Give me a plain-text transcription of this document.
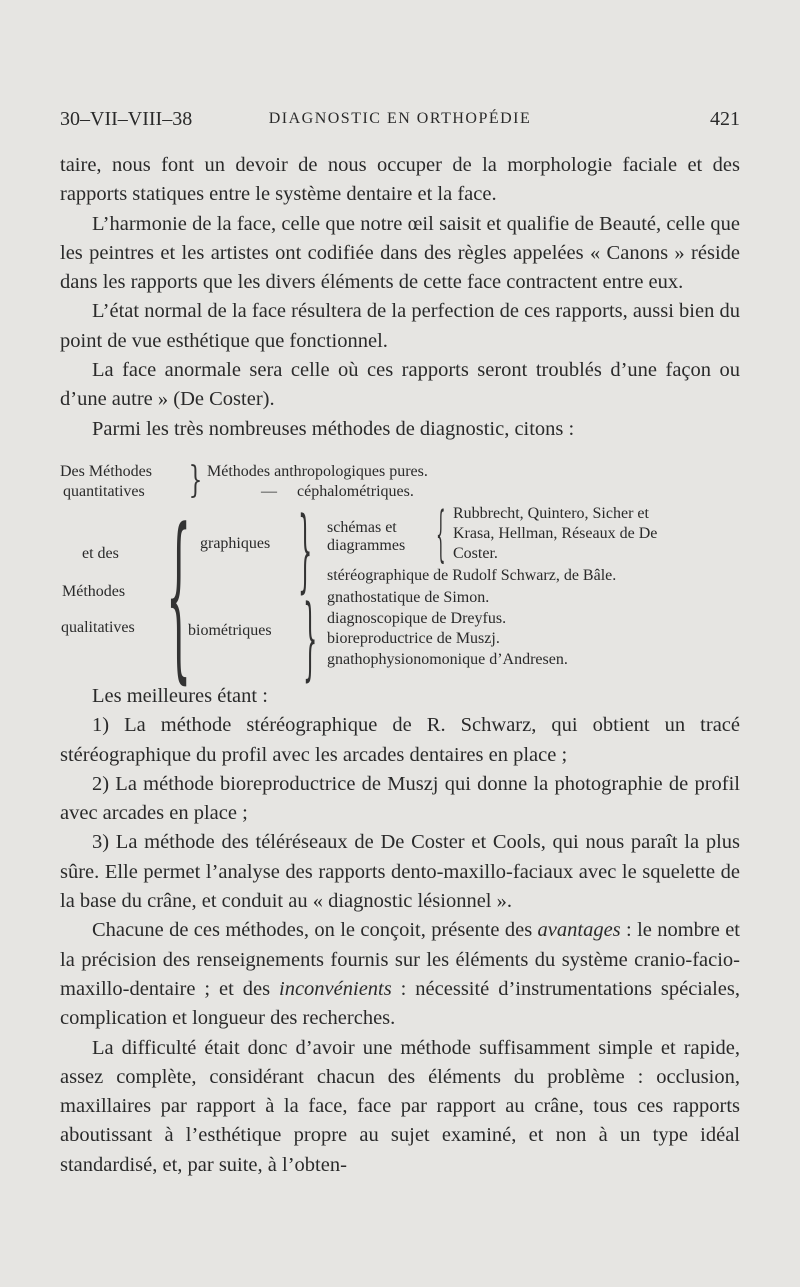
30–VII–VIII–38	DIAGNOSTIC EN ORTHOPÉDIE	421

taire, nous font un devoir de nous occuper de la morphologie faciale et des rapports statiques entre le système dentaire et la face.

L’harmonie de la face, celle que notre œil saisit et qualifie de Beauté, celle que les peintres et les artistes ont codifiée dans des règles appelées « Canons » réside dans les rapports que les divers éléments de cette face contractent entre eux.

L’état normal de la face résultera de la perfection de ces rapports, aussi bien du point de vue esthétique que fonctionnel.

La face anormale sera celle où ces rapports seront troublés d’une façon ou d’une autre » (De Coster).

Parmi les très nombreuses méthodes de diagnostic, citons :

Des Méthodes
quantitatives } Méthodes anthropologiques pures.
— céphalométriques.
et des
Méthodes
qualitatives { graphiques
biométriques
}
}
schémas et
diagrammes { Rubbrecht, Quintero, Sicher et
Krasa, Hellman, Réseaux de De
Coster.
stéréographique de Rudolf Schwarz, de Bâle.
gnathostatique de Simon.
diagnoscopique de Dreyfus.
bioreproductrice de Muszj.
gnathophysionomonique d’Andresen.

Les meilleures étant :

1) La méthode stéréographique de R. Schwarz, qui obtient un tracé stéréographique du profil avec les arcades dentaires en place ;

2) La méthode bioreproductrice de Muszj qui donne la photographie de profil avec arcades en place ;

3) La méthode des téléréseaux de De Coster et Cools, qui nous paraît la plus sûre. Elle permet l’analyse des rapports dento-maxillo-faciaux avec le squelette de la base du crâne, et conduit au « diagnostic lésionnel ».

Chacune de ces méthodes, on le conçoit, présente des avantages : le nombre et la précision des renseignements fournis sur les éléments du système cranio-facio-maxillo-dentaire ; et des inconvénients : nécessité d’instrumentations spéciales, complication et longueur des recherches.

La difficulté était donc d’avoir une méthode suffisamment simple et rapide, assez complète, considérant chacun des éléments du problème : occlusion, maxillaires par rapport à la face, face par rapport au crâne, tous ces rapports aboutissant à l’esthétique propre au sujet examiné, et non à un type idéal standardisé, et, par suite, à l’obten-
